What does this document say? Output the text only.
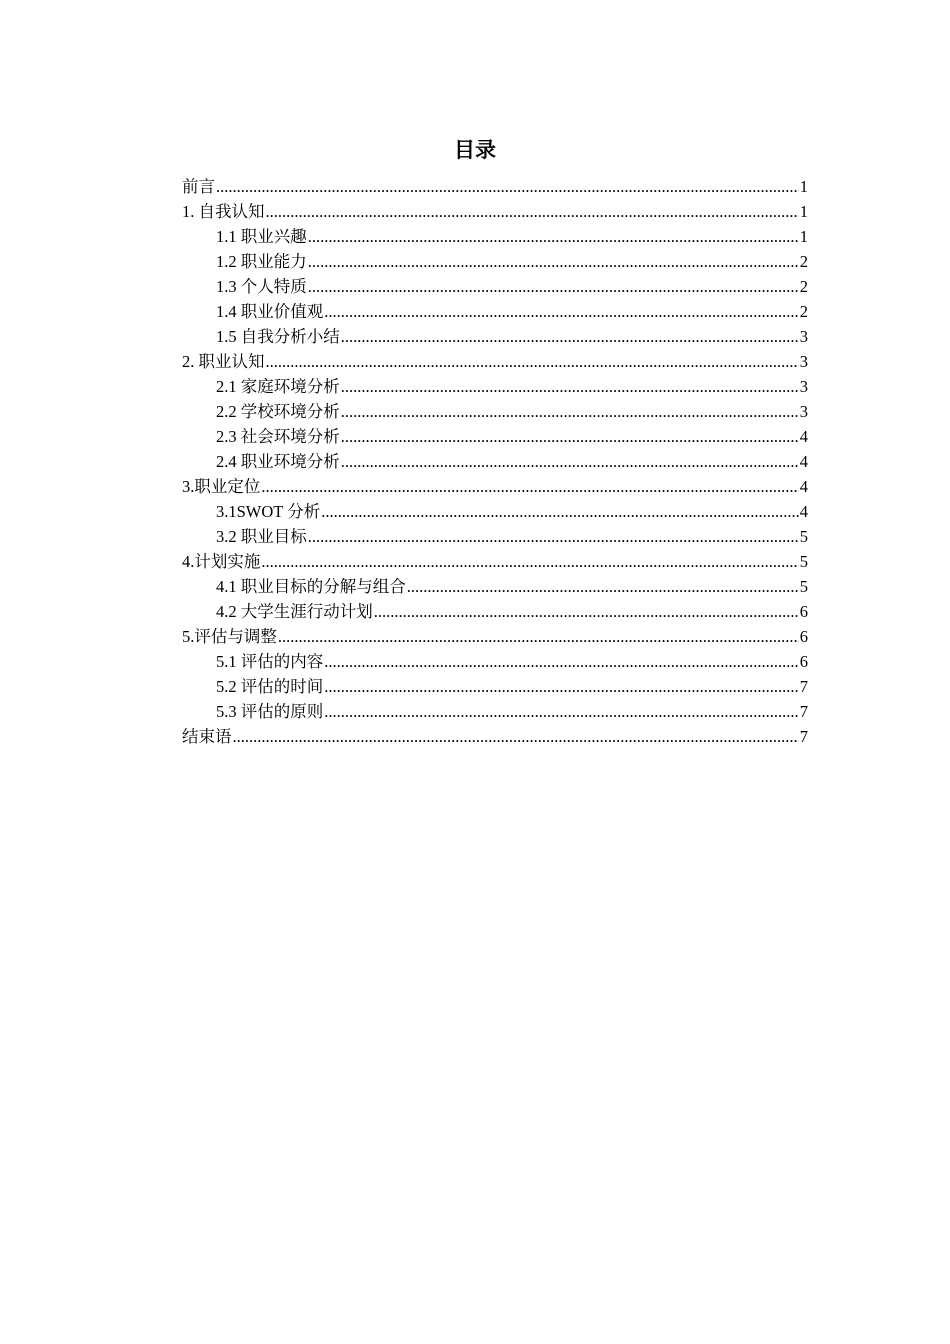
目录
前言 .....	1
1. 自我认知 .....	1
1.1 职业兴趣 .....	1
1.2 职业能力 .....	2
1.3 个人特质 .....	2
1.4 职业价值观 .....	2
1.5 自我分析小结 .....	3
2. 职业认知 .....	3
2.1 家庭环境分析 .....	3
2.2 学校环境分析 .....	3
2.3 社会环境分析 .....	4
2.4 职业环境分析 .....	4
3.职业定位 .....	4
3.1SWOT 分析 .....	4
3.2 职业目标 .....	5
4.计划实施 .....	5
4.1 职业目标的分解与组合 .....	5
4.2 大学生涯行动计划 .....	6
5.评估与调整 .....	6
5.1 评估的内容 .....	6
5.2 评估的时间 .....	7
5.3 评估的原则 .....	7
结束语 .....	7
